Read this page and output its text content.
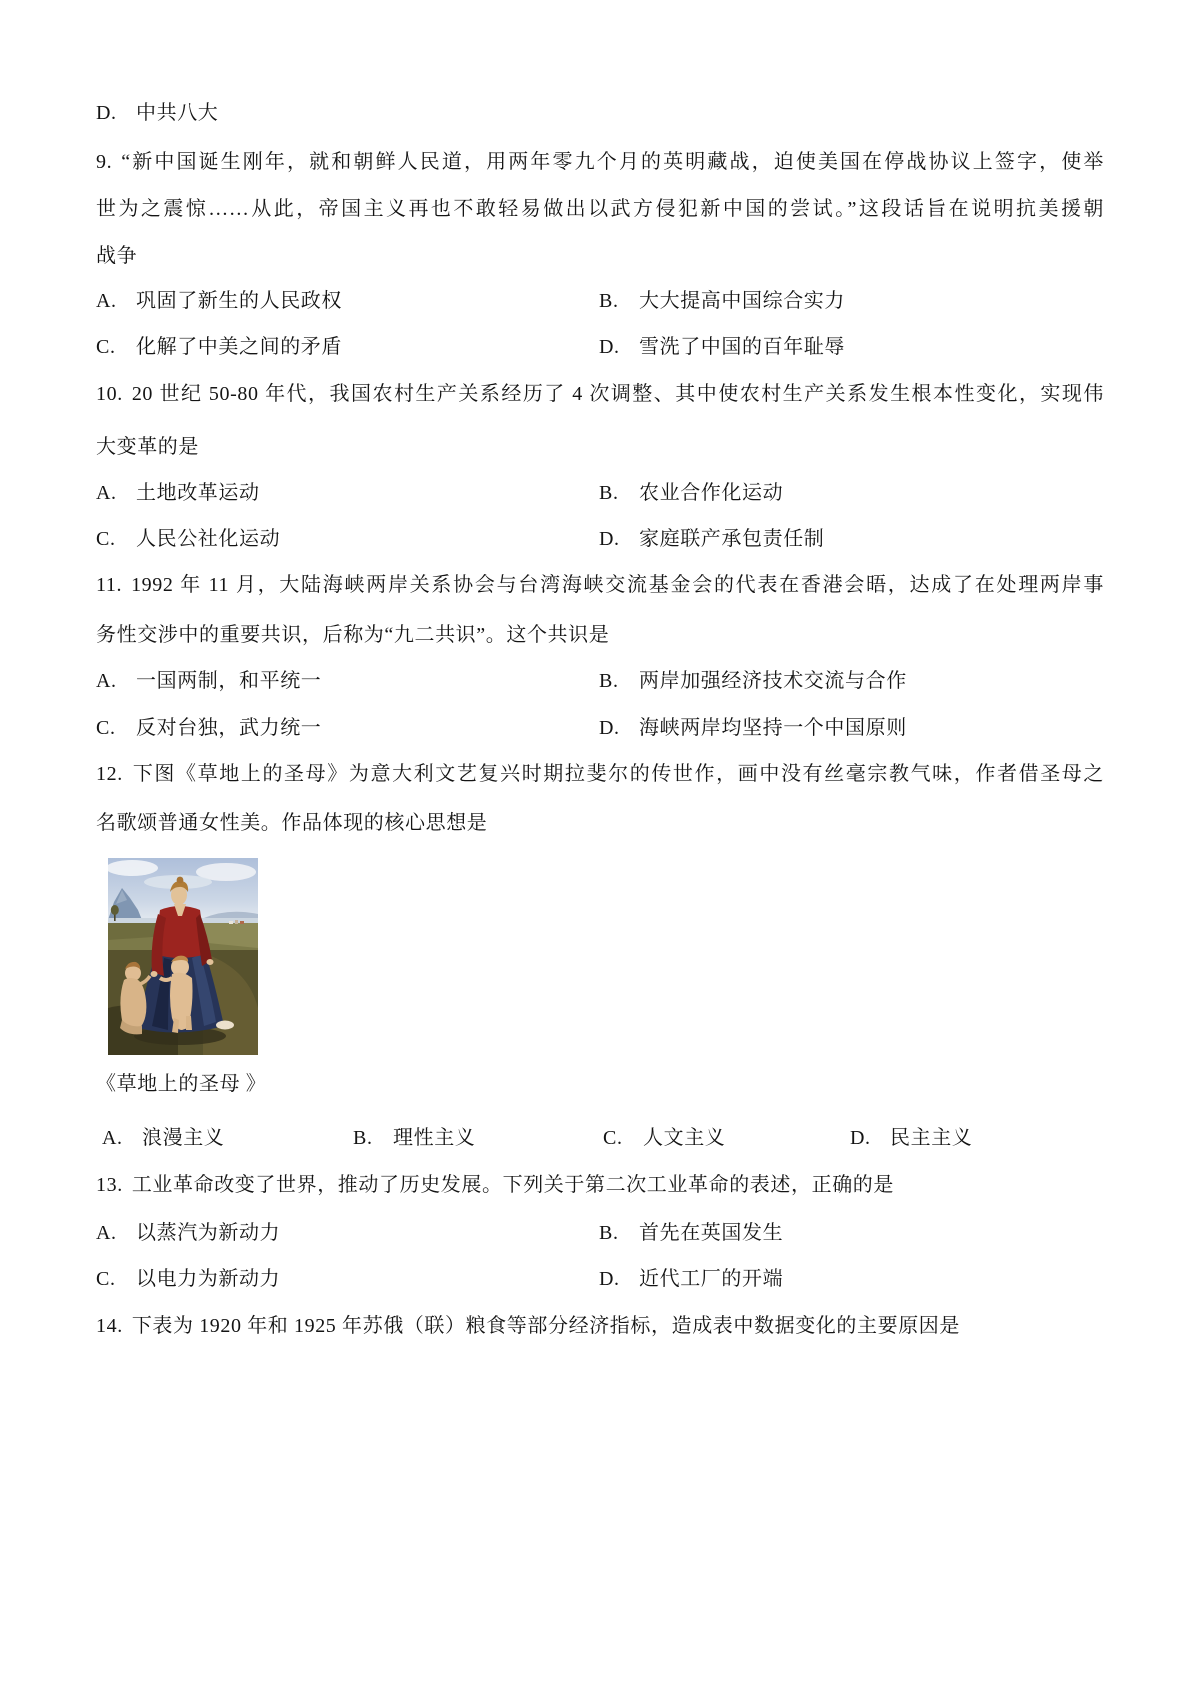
D. 中共八大
9. “新中国诞生刚年，就和朝鲜人民道，用两年零九个月的英明藏战，迫使美国在停战协议上签字，使举
世为之震惊……从此，帝国主义再也不敢轻易做出以武方侵犯新中国的尝试。”这段话旨在说明抗美援朝
战争
A. 巩固了新生的人民政权	B. 大大提高中国综合实力
C. 化解了中美之间的矛盾	D. 雪洗了中国的百年耻辱
10. 20 世纪 50-80 年代，我国农村生产关系经历了 4 次调整、其中使农村生产关系发生根本性变化，实现伟
大变革的是
A. 土地改革运动	B. 农业合作化运动
C. 人民公社化运动	D. 家庭联产承包责任制
11. 1992 年 11 月，大陆海峡两岸关系协会与台湾海峡交流基金会的代表在香港会晤，达成了在处理两岸事
务性交涉中的重要共识，后称为“九二共识”。这个共识是
A. 一国两制，和平统一	B. 两岸加强经济技术交流与合作
C. 反对台独，武力统一	D. 海峡两岸均坚持一个中国原则
12. 下图《草地上的圣母》为意大利文艺复兴时期拉斐尔的传世作，画中没有丝毫宗教气味，作者借圣母之
名歌颂普通女性美。作品体现的核心思想是
《草地上的圣母 》
A. 浪漫主义	B. 理性主义	C. 人文主义	D. 民主主义
13. 工业革命改变了世界，推动了历史发展。下列关于第二次工业革命的表述，正确的是
A. 以蒸汽为新动力	B. 首先在英国发生
C. 以电力为新动力	D. 近代工厂的开端
14. 下表为 1920 年和 1925 年苏俄（联）粮食等部分经济指标，造成表中数据变化的主要原因是
